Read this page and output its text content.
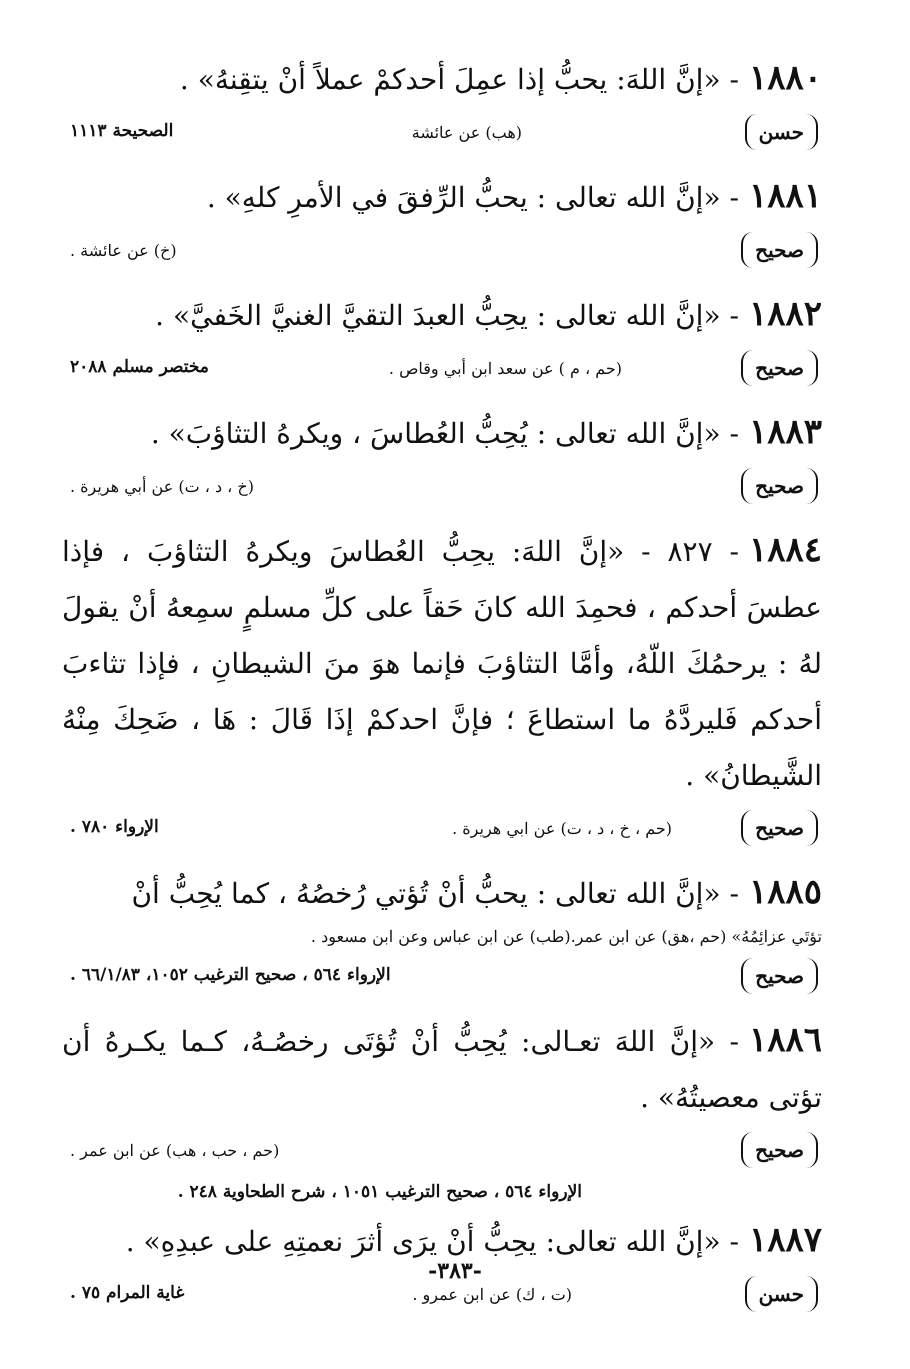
١٨٨٠- «إنَّ اللهَ: يحبُّ إذا عمِلَ أحدكمْ عملاً أنْ يتقِنهُ» .

حسن
(هب) عن عائشة
الصحيحة ١١١٣

١٨٨١- «إنَّ الله تعالى : يحبُّ الرِّفقَ في الأمرِ كلهِ» .

صحيح
(خ) عن عائشة .

١٨٨٢- «إنَّ الله تعالى : يحِبُّ العبدَ التقيَّ الغنيَّ الخَفيَّ» .

صحيح
(حم ، م ) عن سعد ابن أبي وقاص .
مختصر مسلم ٢٠٨٨

١٨٨٣- «إنَّ الله تعالى : يُحِبُّ العُطاسَ ، ويكرهُ التثاؤبَ» .

صحيح
(خ ، د ، ت) عن أبي هريرة .

١٨٨٤- ٨٢٧ - «إنَّ اللهَ: يحِبُّ العُطاسَ ويكرهُ التثاؤبَ ، فإذا عطسَ أحدكم ، فحمِدَ الله كانَ حَقاً على كلِّ مسلمٍ سمِعهُ أنْ يقولَ لهُ : يرحمُكَ اللّهُ، وأمَّا التثاؤبَ فإنما هوَ منَ الشيطانِ ، فإذا تثاءبَ أحدكم فَليردَّهُ ما استطاعَ ؛ فإنَّ احدكمْ إذَا قَالَ : هَا ، ضَحِكَ مِنْهُ الشَّيطانُ» .

صحيح
(حم ، خ ، د ، ت) عن ابي هريرة .
الإرواء ٧٨٠ .

١٨٨٥- «إنَّ الله تعالى : يحبُّ أنْ تُؤتي رُخصُهُ ، كما يُحِبُّ أنْ

تؤتَي عزائِمُهُ» (حم ،هق) عن ابن عمر.(طب) عن ابن عباس وعن ابن مسعود .

صحيح
الإرواء ٥٦٤ ، صحيح الترغيب ١٠٥٢، ٦٦/١/٨٣ .

١٨٨٦- «إنَّ اللهَ تعـالى: يُحِبُّ أنْ تُؤتَى رخصُـهُ، كـما يكـرهُ أن تؤتى معصيتُهُ» .

صحيح
(حم ، حب ، هب) عن ابن عمر .
الإرواء ٥٦٤ ، صحيح الترغيب ١٠٥١ ، شرح الطحاوية ٢٤٨ .

١٨٨٧- «إنَّ الله تعالى: يحِبُّ أنْ يرَى أثرَ نعمتِهِ على عبدِهِ» .

حسن
(ت ، ك) عن ابن عمرو .
غاية المرام ٧٥ .
-٣٨٣-
